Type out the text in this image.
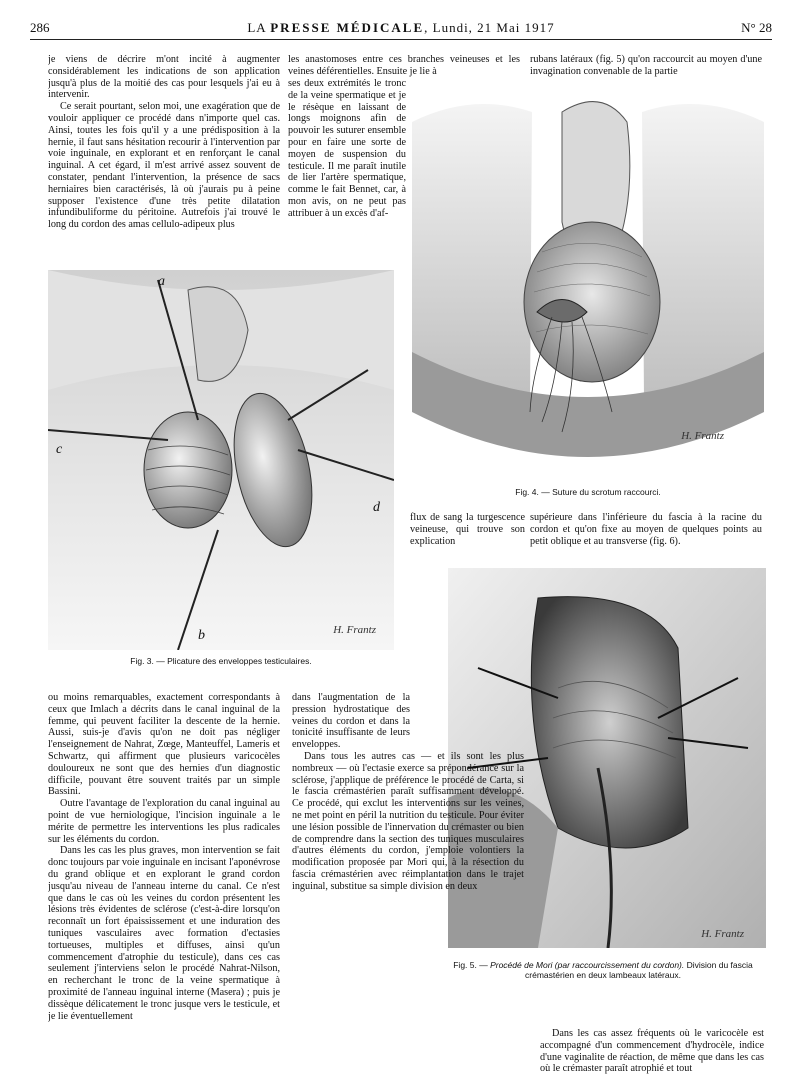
286	LA PRESSE MÉDICALE, Lundi, 21 Mai 1917	N° 28

je viens de décrire m'ont incité à augmenter considérablement les indications de son application jusqu'à plus de la moitié des cas pour lesquels j'ai eu à intervenir.

Ce serait pourtant, selon moi, une exagération que de vouloir appliquer ce procédé dans n'importe quel cas. Ainsi, toutes les fois qu'il y a une prédisposition à la hernie, il faut sans hésitation recourir à l'intervention par voie inguinale, en explorant et en renforçant le canal inguinal. A cet égard, il m'est arrivé assez souvent de constater, pendant l'intervention, la présence de sacs herniaires bien caractérisés, là où j'aurais pu à peine supposer l'existence d'une très petite dilatation infundibuliforme du péritoine. Autrefois j'ai trouvé le long du cordon des amas cellulo-adipeux plus

les anastomoses entre ces branches veineuses et les veines déférentielles. Ensuite je lie à

ses deux extrémités le tronc de la veine spermatique et je le résèque en laissant de longs moignons afin de pouvoir les suturer ensemble pour en faire une sorte de moyen de suspension du testicule. Il me paraît inutile de lier l'artère spermatique, comme le fait Bennet, car, à mon avis, on ne peut pas attribuer à un excès d'af-

rubans latéraux (fig. 5) qu'on raccourcit au moyen d'une invagination convenable de la partie

H. Frantz
Fig. 4. — Suture du scrotum raccourci.
a
b
c
d
H. Frantz
Fig. 3. — Plicature des enveloppes testiculaires.

flux de sang la turgescence veineuse, qui trouve son explication

supérieure dans l'inférieure du fascia à la racine du cordon et qu'on fixe au moyen de quelques points au petit oblique et au transverse (fig. 6).

H. Frantz
Fig. 5. — Procédé de Mori (par raccourcissement du cordon). Division du fascia crémastérien en deux lambeaux latéraux.

ou moins remarquables, exactement correspondants à ceux que Imlach a décrits dans le canal inguinal de la femme, qui peuvent faciliter la descente de la hernie. Aussi, suis-je d'avis qu'on ne doit pas négliger l'enseignement de Nahrat, Zœge, Manteuffel, Lameris et Schwartz, qui affirment que plusieurs varicocèles douloureux ne sont que des hernies d'un diagnostic difficile, pouvant être souvent traités par un simple Bassini.

Outre l'avantage de l'exploration du canal inguinal au point de vue herniologique, l'incision inguinale a le mérite de permettre les interventions les plus radicales sur les éléments du cordon.

Dans les cas les plus graves, mon intervention se fait donc toujours par voie inguinale en incisant l'aponévrose du grand oblique et en explorant le grand cordon jusqu'au niveau de l'anneau interne du canal. Ce n'est que dans le cas où les veines du cordon présentent les lésions très évidentes de sclérose (c'est-à-dire lorsqu'on reconnaît un fort épaississement et une induration des tuniques vasculaires avec formation d'ectasies tortueuses, multiples et diffuses, ainsi qu'un commencement d'atrophie du testicule), dans ces cas seulement j'interviens selon le procédé Nahrat-Nilson, en recherchant le tronc de la veine spermatique à proximité de l'anneau inguinal interne (Masera) ; puis je dissèque délicatement le tronc jusque vers le testicule, et je lie éventuellement

dans l'augmentation de la pression hydrostatique des veines du cordon et dans la tonicité insuffisante de leurs enveloppes.

Dans tous les autres cas — et ils sont les plus nombreux — où l'ectasie exerce sa prépondérance sur la sclérose, j'applique de préférence le procédé de Carta, si le fascia crémastérien paraît suffisamment développé. Ce procédé, qui exclut les interventions sur les veines, ne met point en péril la nutrition du testicule. Pour éviter une lésion possible de l'innervation du crémaster ou bien de comprendre dans la section des tuniques musculaires d'autres éléments du cordon, j'emploie volontiers la modification proposée par Mori qui, à la résection du fascia crémastérien avec réimplantation dans le trajet inguinal, substitue sa simple division en deux

Dans les cas assez fréquents où le varicocèle est accompagné d'un commencement d'hydrocèle, indice d'une vaginalite de réaction, de même que dans les cas où le crémaster paraît atrophié et tout
